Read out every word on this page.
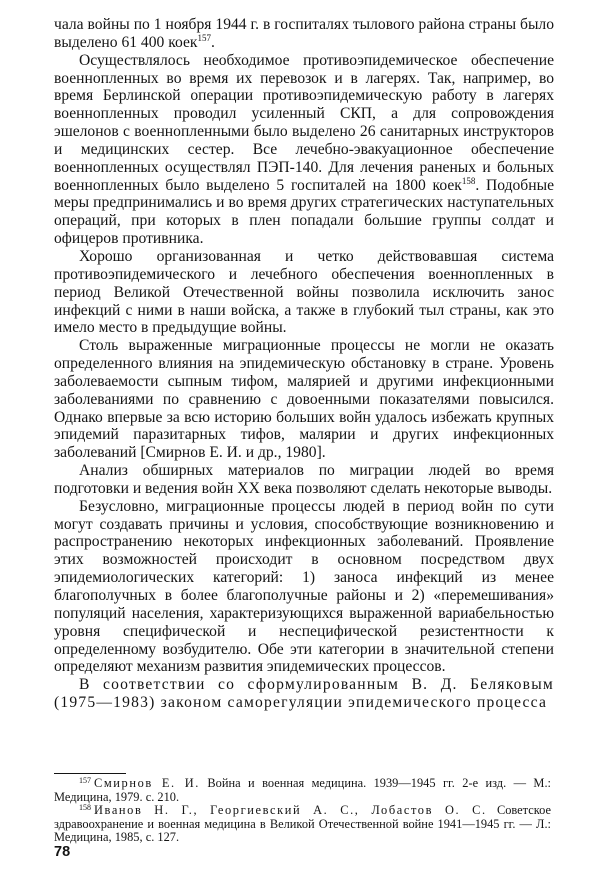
чала войны по 1 ноября 1944 г. в госпиталях тылового района страны было выделено 61 400 коек$^{157}$.

Осуществлялось необходимое противоэпидемическое обеспечение военнопленных во время их перевозок и в лагерях. Так, например, во время Берлинской операции противоэпидемическую работу в лагерях военнопленных проводил усиленный СКП, а для сопровождения эшелонов с военнопленными было выделено 26 санитарных инструкторов и медицинских сестер. Все лечебно-эвакуационное обеспечение военнопленных осуществлял ПЭП-140. Для лечения раненых и больных военнопленных было выделено 5 госпиталей на 1800 коек$^{158}$. Подобные меры предпринимались и во время других стратегических наступательных операций, при которых в плен попадали большие группы солдат и офицеров противника.

Хорошо организованная и четко действовавшая система противоэпидемического и лечебного обеспечения военнопленных в период Великой Отечественной войны позволила исключить занос инфекций с ними в наши войска, а также в глубокий тыл страны, как это имело место в предыдущие войны.

Столь выраженные миграционные процессы не могли не оказать определенного влияния на эпидемическую обстановку в стране. Уровень заболеваемости сыпным тифом, малярией и другими инфекционными заболеваниями по сравнению с довоенными показателями повысился. Однако впервые за всю историю больших войн удалось избежать крупных эпидемий паразитарных тифов, малярии и других инфекционных заболеваний [Смирнов Е. И. и др., 1980].

Анализ обширных материалов по миграции людей во время подготовки и ведения войн XX века позволяют сделать некоторые выводы.

Безусловно, миграционные процессы людей в период войн по сути могут создавать причины и условия, способствующие возникновению и распространению некоторых инфекционных заболеваний. Проявление этих возможностей происходит в основном посредством двух эпидемиологических категорий: 1) заноса инфекций из менее благополучных в более благополучные районы и 2) «перемешивания» популяций населения, характеризующихся выраженной вариабельностью уровня специфической и неспецифической резистентности к определенному возбудителю. Обе эти категории в значительной степени определяют механизм развития эпидемических процессов.

В соответствии со сформулированным В. Д. Беляковым (1975—1983) законом саморегуляции эпидемического процесса

$^{157}$ Смирнов Е. И. Война и военная медицина. 1939—1945 гг. 2-е изд. — М.: Медицина, 1979. с. 210.

$^{158}$ Иванов Н. Г., Георгиевский А. С., Лобастов О. С. Советское здравоохранение и военная медицина в Великой Отечественной войне 1941—1945 гг. — Л.: Медицина, 1985, с. 127.

78
